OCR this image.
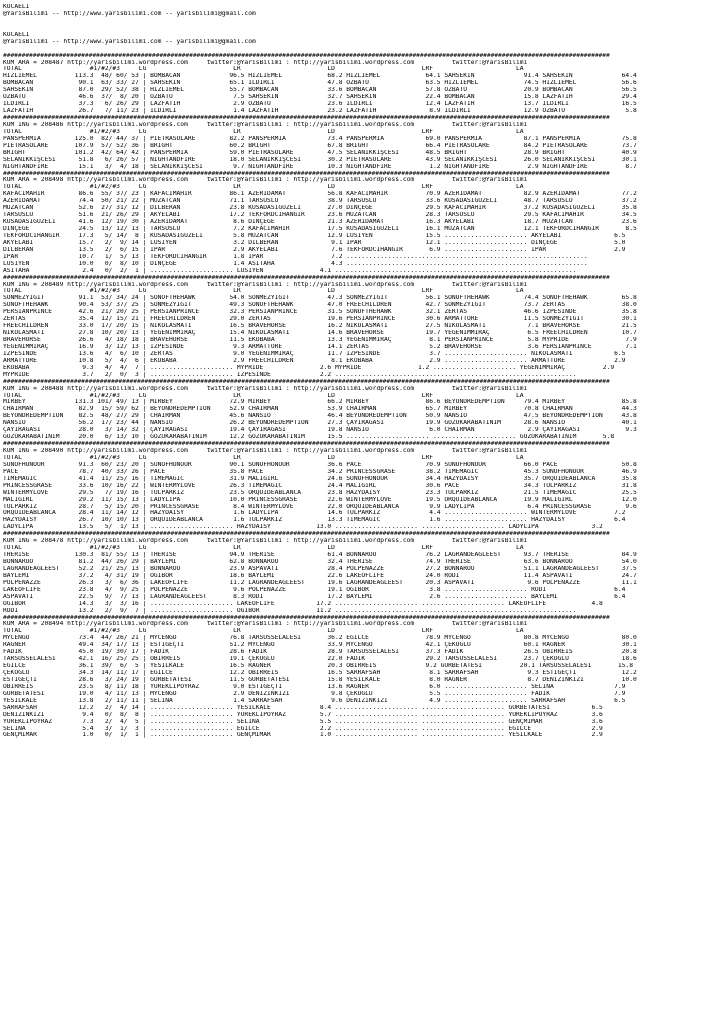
KOCAELI
@YarisBilimi -- http://www.yarisbilimi.com -- yarisbilimi@gmail.com

KOCAELI
@YarisBilimi -- http://www.yarisbilimi.com -- yarisbilimi@gmail.com

###################################################################################################################################################################
KUM ARA = 208487 http://yarisbilimi.wordpress.com     twitter:@YarisBilimi : http://yarisbilimi.wordpress.com          twitter:@YarisBilimi
TOTAL                  #1/#2/#3     LG                       LR                       LD                       LRF                      LA
HIZLIEMEL          113.3  48/ 60/ 53 | BOMBACAN             96.5 HIZLIEMEL            68.2 HIZLIEMEL            64.1 SAHSEKIN             91.4 SAHSEKIN             64.4
BOMBACAN            90.1  63/ 33/ 27 | SAHSEKIN             65.1 ILDIRLI              47.8 ÖZBATU               63.5 HIZLIEMEL            74.5 HIZLIEMEL            56.6
SAHSEKIN            87.0  29/ 52/ 38 | HIZLIEMEL            55.7 BOMBACAN             33.6 BOMBACAN             57.8 ÖZBATU               20.9 BOMBACAN             56.5
ÖZBATU              46.6  37/  8/ 20 | ÖZBATU                7.5 SAHSEKIN             32.7 SAHSEKIN             22.4 BOMBACAN             15.8 LAZFATIH             29.4
ILDIRLI             37.3   6/ 26/ 29 | LAZFATIH              2.9 ÖZBATU               23.6 ILDIRLI              12.4 LAZFATIH             13.7 ILDIRLI              16.5
LAZFATIH            26.7   7/ 11/ 23 | ILDIRLI               1.4 LAZFATIH             23.2 LAZFATIH              8.9 ILDIRLI              12.9 ÖZBATU                5.8
###################################################################################################################################################################
KUM ING = 208486 http://yarisbilimi.wordpress.com     twitter:@YarisBilimi : http://yarisbilimi.wordpress.com          twitter:@YarisBilimi
TOTAL                  #1/#2/#3     LG                       LR                       LD                       LRF                      LA
PANSPERMIA         125.0  82/ 44/ 37 | PIETRASOLARE         82.2 PANSPERMIA           73.4 PANSPERMIA           69.0 PANSPERMIA           87.1 PANSPERMIA           75.8
PIETRASOLARE       107.9  57/ 52/ 36 | BRIGHT               60.2 BRIGHT               67.8 BRIGHT               66.4 PIETRASOLARE         84.2 PIETRASOLARE         73.7
BRIGHT             101.2  42/ 64/ 42 | PANSPERMIA           59.0 PIETRASOLARE         47.5 SELANIKKIŞCESI       48.5 BRIGHT               28.9 BRIGHT               40.9
SELANIKKIŞCESI      51.8   6/ 26/ 57 | NIGHTANDFIRE         18.0 SELANIKKIŞCESI       30.2 PIETRASOLARE         43.9 SELANIKKIŞCESI       26.0 SELANIKKIŞCESI       30.1
NIGHTANDFIRE        15.1   3/  4/ 18 | SELANIKKIŞCESI        9.7 NIGHTANDFIRE         10.3 NIGHTANDFIRE          1.2 NIGHTANDFIRE          2.9 NIGHTANDFIRE          8.7
###################################################################################################################################################################
KUM ARA = 208498 http://yarisbilimi.wordpress.com     twitter:@YarisBilimi : http://yarisbilimi.wordpress.com          twitter:@YarisBilimi
TOTAL                  #1/#2/#3     LG                       LR                       LD                       LRF                      LA
KAFACIMAHIR         86.6  55/ 37/ 23 | KAFACIMAHIR          86.1 AZERIDAMAT           56.8 KAFACIMAHIR          70.9 AZERIDAMAT           82.9 AZERIDAMAT           77.2
AZERIDAMAT          74.4  50/ 21/ 22 | MUZATCAN             71.1 TARSUSLU             38.9 TARSUSLU             33.6 KUSADASIGÜZELI       48.7 TARSUSLU             37.2
MUZATCAN            52.6  27/ 31/ 12 | DILBERAN             23.8 KUSADASIGÜZELI       27.0 DINÇEGE              29.5 KAFACIMAHIR          37.2 KUSADASIGÜZELI       35.8
TARSUSLU            51.6  21/ 26/ 29 | AKYELABI             17.2 TEKFORDCIHANGIR      23.6 MUZATCAN             28.3 TARSUSLU             29.5 KAFACIMAHIR          34.5
KUSADASIGÜZELI      41.6  12/ 19/ 30 | AZERIDAMAT            8.6 DINÇEGE              21.3 AZERIDAMAT           16.3 AKYELABI             18.7 MUZATCAN             23.6
DINÇEGE             24.5  13/ 12/ 13 | TARSUSLU              7.2 KAFACIMAHIR          17.5 KUSADASIGÜZELI       16.1 MUZATCAN             12.1 TEKFORDCIHANGIR       8.5
TEKFORDCIHANGIR     17.3   5/ 14/  8 | KUSADASIGÜZELI        5.8 MUZATCAN             12.9 LÜSIYEN              15.5 ...................... AKYELABI              6.5
AKYELABI            15.7   2/  9/ 14 | LÜSIYEN               3.2 DILBERAN              9.1 IPAR                 12.1 ...................... DINÇEGE               5.0
DILBERAN            13.5   2/  6/ 15 | IPAR                  2.9 AKYELABI              7.6 TEKFORDCIHANGIR       6.9 ...................... IPAR                  2.9
IPAR                10.7   1/  5/ 13 | TEKFORDCIHANGIR       1.8 IPAR                  7.2 ................................................................
LÜSIYEN             10.0   0/  8/ 10 | DINÇEGE               1.4 ASITAHA               4.3 ................................................................
ASITAHA              2.4   0/  2/  1 | ...................... LÜSIYEN               4.1 ................................................................
###################################################################################################################################################################
KUM ING = 208489 http://yarisbilimi.wordpress.com     twitter:@YarisBilimi : http://yarisbilimi.wordpress.com          twitter:@YarisBilimi
TOTAL                  #1/#2/#3     LG                       LR                       LD                       LRF                      LA
SÖNMEZYIGIT         91.1  53/ 34/ 24 | SONOFTHEHAWK         54.0 SÖNMEZYIGIT          47.3 SÖNMEZYIGIT          56.1 SONOFTHEHAWK         74.4 SONOFTHEHAWK         65.8
SONOFTHEHAWK        90.4  53/ 37/ 25 | SÖNMEZYIGIT          49.3 SONOFTHEHAWK         47.0 FREECHILDREN         42.7 SÖNMEZYIGIT          73.7 ZERTAS               38.0
PERSIANPRINCE       42.6  21/ 20/ 25 | PERSIANPRINCE        32.3 PERSIANPRINCE        31.5 SONOFTHEHAWK         32.1 ZERTAS               46.6 IZPESINDE            35.8
ZERTAS              35.4  12/ 15/ 21 | FREECHILDREN         29.0 ZERTAS               19.6 PERSIANPRINCE        30.6 ARMATTORE            11.5 SÖNMEZYIGIT          30.1
FREECHILDREN        33.0  17/ 20/ 15 | NIKOLASMATI          16.5 BRAVEHORSE           16.2 NIKOLASMATI          27.5 NIKOLASMATI           7.1 BRAVEHORSE           21.5
NIKOLASMATI         27.8  10/ 20/ 13 | YEGENIMMIRAÇ         15.4 NIKOLASMATI          14.6 BRAVEHORSE           19.7 YEGENIMMIRAÇ          6.5 FREECHILDREN         10.7
BRAVEHORSE          26.6   4/ 18/ 18 | BRAVEHORSE           11.5 EKOBABA              13.3 YEGENIMMIRAÇ          8.1 PERSIANPRINCE         5.8 MYPRIDE               7.9
YEGENIMMIRAÇ        16.9   3/ 12/ 13 | IZPESINDE             9.3 ARMATTORE            14.1 ZERTAS                5.2 BRAVEHORSE            3.6 PERSIANPRINCE         7.1
IZPESINDE           13.6   4/  6/ 10 | ZERTAS                9.0 YEGENIMMIRAÇ         11.7 IZPESINDE             3.7 ...................... NIKOLASMATI           6.5
ARMATTORE           10.8   5/  4/  6 | EKOBABA               2.9 FREECHILDREN          8.1 EKOBABA               2.9 ...................... ARMATTORE             2.9
EKOBABA              9.3   4/  4/  7 | ...................... MYPRIDE               2.6 MYPRIDE               1.2 ...................... YEGENIMMIRAÇ          2.9
MYPRIDE              3.7   2/  0/  3 | ...................... IZPESINDE             2.2 ................................................................
###################################################################################################################################################################
KUM ING = 208488 http://yarisbilimi.wordpress.com     twitter:@YarisBilimi : http://yarisbilimi.wordpress.com          twitter:@YarisBilimi
TOTAL                  #1/#2/#3     LG                       LR                       LD                       LRF                      LA
MIRBEY             131.3 101/ 49/ 13 | MIRBEY               72.9 MIRBEY               66.2 MIRBEY               86.6 BEYONDREDEMPTION     79.4 MIRBEY               85.8
CHAIRMAN            82.9  15/ 59/ 62 | BEYONDREDEMPTION     52.9 CHAIRMAN             53.9 CHAIRMAN             65.7 MIRBEY               70.8 CHAIRMAN             44.3
BEYONDREDEMPTION    82.5  48/ 27/ 29 | CHAIRMAN             45.6 NANSIO               46.4 BEYONDREDEMPTION     50.9 NANSIO               47.5 BEYONDREDEMPTION     43.8
NANSIO              56.2  17/ 23/ 44 | NANSIO               26.2 BEYONDREDEMPTION     27.3 ÇAYIRAGASI           19.9 GÖZÜKARABATINIM      28.6 NANSIO               40.1
ÇAYIRAGASI          28.0   3/ 14/ 32 | ÇAYIRAGASI           19.4 ÇAYIRAGASI           19.8 NANSIO                6.0 CHAIRMAN              2.9 ÇAYIRAGASI            9.3
GÖZÜKARABATINIM     20.0   6/ 13/ 10 | GÖZÜKARABATINIM      12.2 GÖZÜKARABATINIM      15.5 ...................... ...................... GÖZÜKARABATINIM       5.8
###################################################################################################################################################################
KUM ING = 208490 http://yarisbilimi.wordpress.com     twitter:@YarisBilimi : http://yarisbilimi.wordpress.com          twitter:@YarisBilimi
TOTAL                  #1/#2/#3     LG                       LR                       LD                       LRF                      LA
SUNOFHONOUR         91.3  60/ 23/ 20 | SUNOFHONOUR          90.1 SUNOFHONOUR          36.6 PACE                 70.9 SUNOFHONOUR          66.0 PACE                 50.8
PACE                78.7  40/ 33/ 26 | PACE                 35.8 PACE                 34.2 PRINCESSGRASE        38.2 TIMEMAGIC            45.3 SUNOFHONOUR          46.9
TIMEMAGIC           41.4  11/ 25/ 16 | TIMEMAGIC            31.9 MALIGIRL             24.6 SUNOFHONOUR          34.4 HAZYDAISY            35.7 ORQUIDEABLANCA       35.8
PRINCESSGRASE       33.6  10/ 16/ 22 | WINTERMYLOVE         26.3 TIMEMAGIC            24.4 MALIGIRL             30.6 PACE                 34.3 TULPARKIZ            31.8
WINTERMYLOVE        29.5   7/ 19/ 16 | TULPARKIZ            23.5 ORQUIDEABLANCA       23.8 HAZYDAISY            23.3 TULPARKIZ            21.5 TIMEMAGIC            25.5
MALIGIRL            29.2  11/ 15/ 13 | LADYLIPA             10.0 PRINCESSGRASE        22.6 WINTERMYLOVE         19.5 ORQUIDEABLANCA       19.9 MALIGIRL             12.0
TULPARKIZ           28.7   5/ 15/ 20 | PRINCESSGRASE         8.4 WINTERMYLOVE         22.0 ORQUIDEABLANCA        9.9 LADYLIPA              6.4 PRINCESSGRASE         9.6
ORQUIDEABLANCA      28.4  11/ 14/ 12 | HAZYDAISY             1.6 LADYLIPA             14.6 TULPARKIZ             4.4 ...................... WINTERMYLOVE          7.2
HAZYDAISY           26.7  10/ 10/ 13 | ORQUIDEABLANCA        1.6 TULPARKIZ            13.3 TIMEMAGIC             1.6 ...................... HAZYDAISY             6.4
LADYLIPA            13.5   5/  1/ 13 | ...................... HAZYDAISY            13.0 ...................... ...................... LADYLIPA              3.2
###################################################################################################################################################################
KUM ING = 208478 http://yarisbilimi.wordpress.com     twitter:@YarisBilimi : http://yarisbilimi.wordpress.com          twitter:@YarisBilimi
TOTAL                  #1/#2/#3     LG                       LR                       LD                       LRF                      LA
THERISE            130.3  81/ 55/ 13 | THERISE              94.9 THERISE              61.4 BONNAROO             76.2 LAGRANDEAGLEEST      93.7 THERISE              84.9
BONNAROO            81.2  44/ 26/ 29 | BAYLEMI              62.8 BONNAROO             32.4 THERISE              74.9 THERISE              63.6 BONNAROO             54.0
LAGRANDEAGLEEST     52.2  21/ 25/ 13 | BONNAROO             23.9 ASPAVATI             28.4 POLPENAZZE           27.2 BONNAROO             51.1 LAGRANDEAGLEEST      37.5
BAYLEMI             37.2   4/ 31/ 19 | OGIBOR               18.6 BAYLEMI              22.6 LAKEOFLIFE           24.0 RODI                 11.4 ASPAVATI             24.7
POLPENAZZE          26.3   3/  6/ 36 | LAKEOFLIFE           11.2 LAGRANDEAGLEEST      19.6 LAGRANDEAGLEEST      20.3 ASPAVATI              9.6 POLPENAZZE           11.1
LAKEOFLIFE          23.8   4/  9/ 25 | POLPENAZZE            9.6 POLPENAZZE           19.1 OGIBOR                3.8 ...................... RODI                  6.4
ASPAVATI            22.5   9/  7/ 13 | LAGRANDEAGLEEST       8.3 RODI                 17.2 BAYLEMI               2.6 ...................... BAYLEMI               6.4
OGIBOR              14.3   3/  3/ 16 | ...................... LAKEOFLIFE           17.2 ...................... ...................... LAKEOFLIFE            4.8
RODI                13.2   2/  9/  7 | ...................... OGIBOR               11.2 ................................................................
###################################################################################################################################################################
KUM ARA = 208494 http://yarisbilimi.wordpress.com     twitter:@YarisBilimi : http://yarisbilimi.wordpress.com          twitter:@YarisBilimi
TOTAL                  #1/#2/#3     LG                       LR                       LD                       LRF                      LA
MYCENGO             73.4  44/ 26/ 21 | MYCENGO              76.8 TARSUSSELALESI       36.2 EGILCE               78.9 MYCENGO              80.8 MYCENGO              80.0
RAGNER              49.4  34/ 17/ 13 | ESTIGEÇTI            51.2 MYCENGO              33.9 MYCENGO              42.1 ÇEKOGLU              60.1 RAGNER               30.1
FADIK               45.0  19/ 30/ 17 | FADIK                28.6 FADIK                28.9 TARSUSSELALESI       37.3 FADIK                26.5 OBIRREIS             20.8
TARSUSSELALESI      42.1  16/ 25/ 25 | OBIRREIS             19.1 ÇEKOGLU              22.0 FADIK                29.2 TARSUSSELALESI       23.7 ÇEKOGLU              18.6
EGILCE              36.1  39/  6/  5 | YESILKALE            16.5 RAGNER               20.3 OBIRREIS             9.2 GURBETATESI          20.1 TARSUSSELALESI       15.8
ÇEKOGLU             34.3  14/ 11/ 17 | EGILCE               12.2 OBIRREIS             16.5 SARRAFSAH             8.1 SARRAFSAH             9.3 ESTIGEÇTI            12.2
ESTIGEÇTI           28.6   3/ 24/ 19 | GURBETATESI          11.5 GURBETATESI          15.8 YESILKALE             8.0 RAGNER                8.7 DENIZINKIZI          10.0
OBIRREIS            23.5   8/ 11/ 18 | YÜREKLIPOYRAZ         9.0 ESTIGEÇTI            13.6 RAGNER                6.0 ...................... SELINA                7.9
GURBETATESI         19.0   4/ 11/ 13 | MYCENGO               2.9 DENIZINKIZI           9.8 ÇEKOGLU               5.5 ...................... FADIK                 7.9
YESILKALE           13.8   2/ 11/ 11 | SELINA                1.4 SARRAFSAH             9.6 DENIZINKIZI           4.9 ...................... SARRAFSAH             6.5
SARRAFSAH           12.2   2/  4/ 14 | ...................... YESILKALE             8.4 ...................... ...................... GURBETATESI           6.5
DENIZINKIZI          9.4   0/  8/  8 | ...................... YÜREKLIPOYRAZ         5.7 ...................... ...................... YÜREKLIPOYRAZ         3.6
YÜREKLIPOYRAZ        7.3   2/  4/  5 | ...................... SELINA                5.5 ...................... ...................... GENÇMIMAR             3.6
SELINA               5.4   3/  1/  3 | ...................... EGILCE                2.2 ...................... ...................... EGILCE                2.9
GENÇMIMAR            1.0   0/  1/  1 | ...................... GENÇMIMAR             1.0 ...................... ...................... YESILKALE             2.9
